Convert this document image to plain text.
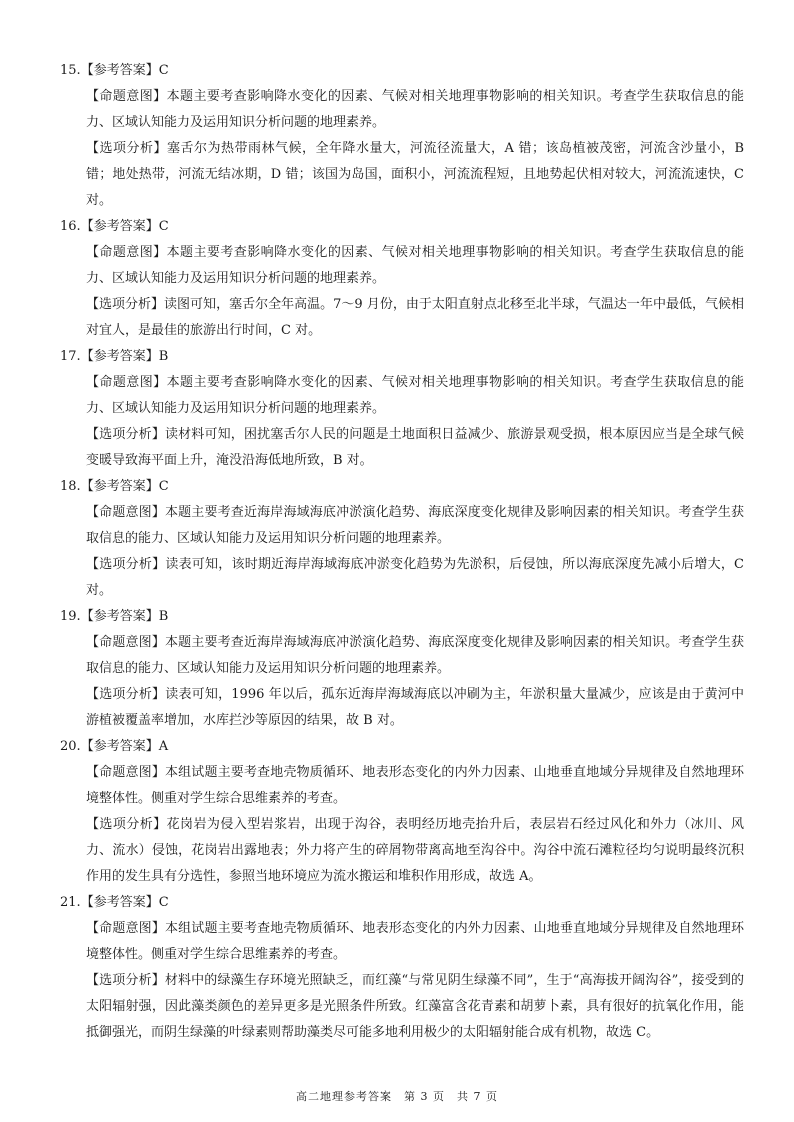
15.【参考答案】C
【命题意图】本题主要考查影响降水变化的因素、气候对相关地理事物影响的相关知识。考查学生获取信息的能力、区域认知能力及运用知识分析问题的地理素养。
【选项分析】塞舌尔为热带雨林气候，全年降水量大，河流径流量大，A 错；该岛植被茂密，河流含沙量小，B 错；地处热带，河流无结冰期，D 错；该国为岛国，面积小，河流流程短，且地势起伏相对较大，河流流速快，C 对。
16.【参考答案】C
【命题意图】本题主要考查影响降水变化的因素、气候对相关地理事物影响的相关知识。考查学生获取信息的能力、区域认知能力及运用知识分析问题的地理素养。
【选项分析】读图可知，塞舌尔全年高温。7～9 月份，由于太阳直射点北移至北半球，气温达一年中最低，气候相对宜人，是最佳的旅游出行时间，C 对。
17.【参考答案】B
【命题意图】本题主要考查影响降水变化的因素、气候对相关地理事物影响的相关知识。考查学生获取信息的能力、区域认知能力及运用知识分析问题的地理素养。
【选项分析】读材料可知，困扰塞舌尔人民的问题是土地面积日益减少、旅游景观受损，根本原因应当是全球气候变暖导致海平面上升，淹没沿海低地所致，B 对。
18.【参考答案】C
【命题意图】本题主要考查近海岸海域海底冲淤演化趋势、海底深度变化规律及影响因素的相关知识。考查学生获取信息的能力、区域认知能力及运用知识分析问题的地理素养。
【选项分析】读表可知，该时期近海岸海域海底冲淤变化趋势为先淤积，后侵蚀，所以海底深度先减小后增大，C 对。
19.【参考答案】B
【命题意图】本题主要考查近海岸海域海底冲淤演化趋势、海底深度变化规律及影响因素的相关知识。考查学生获取信息的能力、区域认知能力及运用知识分析问题的地理素养。
【选项分析】读表可知，1996 年以后，孤东近海岸海域海底以冲刷为主，年淤积量大量减少，应该是由于黄河中游植被覆盖率增加，水库拦沙等原因的结果，故 B 对。
20.【参考答案】A
【命题意图】本组试题主要考查地壳物质循环、地表形态变化的内外力因素、山地垂直地域分异规律及自然地理环境整体性。侧重对学生综合思维素养的考查。
【选项分析】花岗岩为侵入型岩浆岩，出现于沟谷，表明经历地壳抬升后，表层岩石经过风化和外力（冰川、风力、流水）侵蚀，花岗岩出露地表；外力将产生的碎屑物带离高地至沟谷中。沟谷中流石滩粒径均匀说明最终沉积作用的发生具有分选性，参照当地环境应为流水搬运和堆积作用形成，故选 A。
21.【参考答案】C
【命题意图】本组试题主要考查地壳物质循环、地表形态变化的内外力因素、山地垂直地域分异规律及自然地理环境整体性。侧重对学生综合思维素养的考查。
【选项分析】材料中的绿藻生存环境光照缺乏，而红藻“与常见阴生绿藻不同”，生于“高海拔开阔沟谷”，接受到的太阳辐射强，因此藻类颜色的差异更多是光照条件所致。红藻富含花青素和胡萝卜素，具有很好的抗氧化作用，能抵御强光，而阴生绿藻的叶绿素则帮助藻类尽可能多地利用极少的太阳辐射能合成有机物，故选 C。
高二地理参考答案　第 3 页　共 7 页
